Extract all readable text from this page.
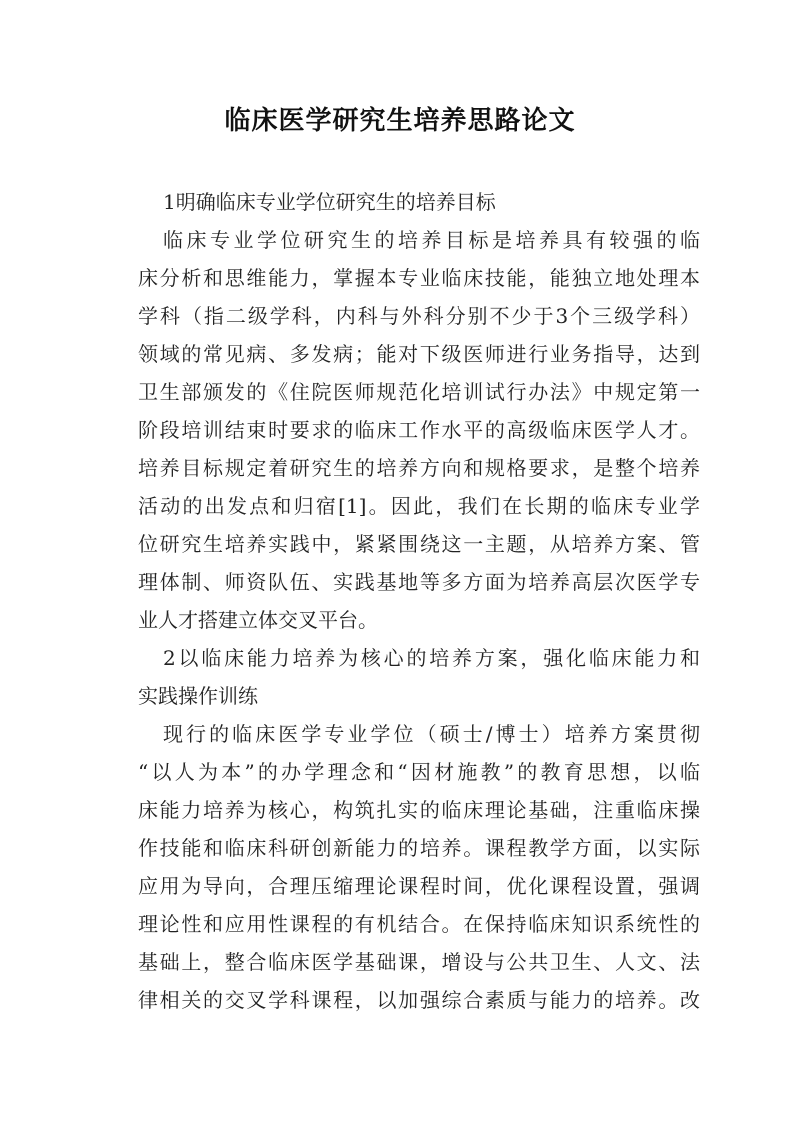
临床医学研究生培养思路论文
1明确临床专业学位研究生的培养目标
临床专业学位研究生的培养目标是培养具有较强的临
床分析和思维能力，掌握本专业临床技能，能独立地处理本
学科（指二级学科，内科与外科分别不少于3个三级学科）
领域的常见病、多发病；能对下级医师进行业务指导，达到
卫生部颁发的《住院医师规范化培训试行办法》中规定第一
阶段培训结束时要求的临床工作水平的高级临床医学人才。
培养目标规定着研究生的培养方向和规格要求，是整个培养
活动的出发点和归宿[1]。因此，我们在长期的临床专业学
位研究生培养实践中，紧紧围绕这一主题，从培养方案、管
理体制、师资队伍、实践基地等多方面为培养高层次医学专
业人才搭建立体交叉平台。
2以临床能力培养为核心的培养方案，强化临床能力和
实践操作训练
现行的临床医学专业学位（硕士/博士）培养方案贯彻
“以人为本”的办学理念和“因材施教”的教育思想，以临
床能力培养为核心，构筑扎实的临床理论基础，注重临床操
作技能和临床科研创新能力的培养。课程教学方面，以实际
应用为导向，合理压缩理论课程时间，优化课程设置，强调
理论性和应用性课程的有机结合。在保持临床知识系统性的
基础上，整合临床医学基础课，增设与公共卫生、人文、法
律相关的交叉学科课程，以加强综合素质与能力的培养。改
